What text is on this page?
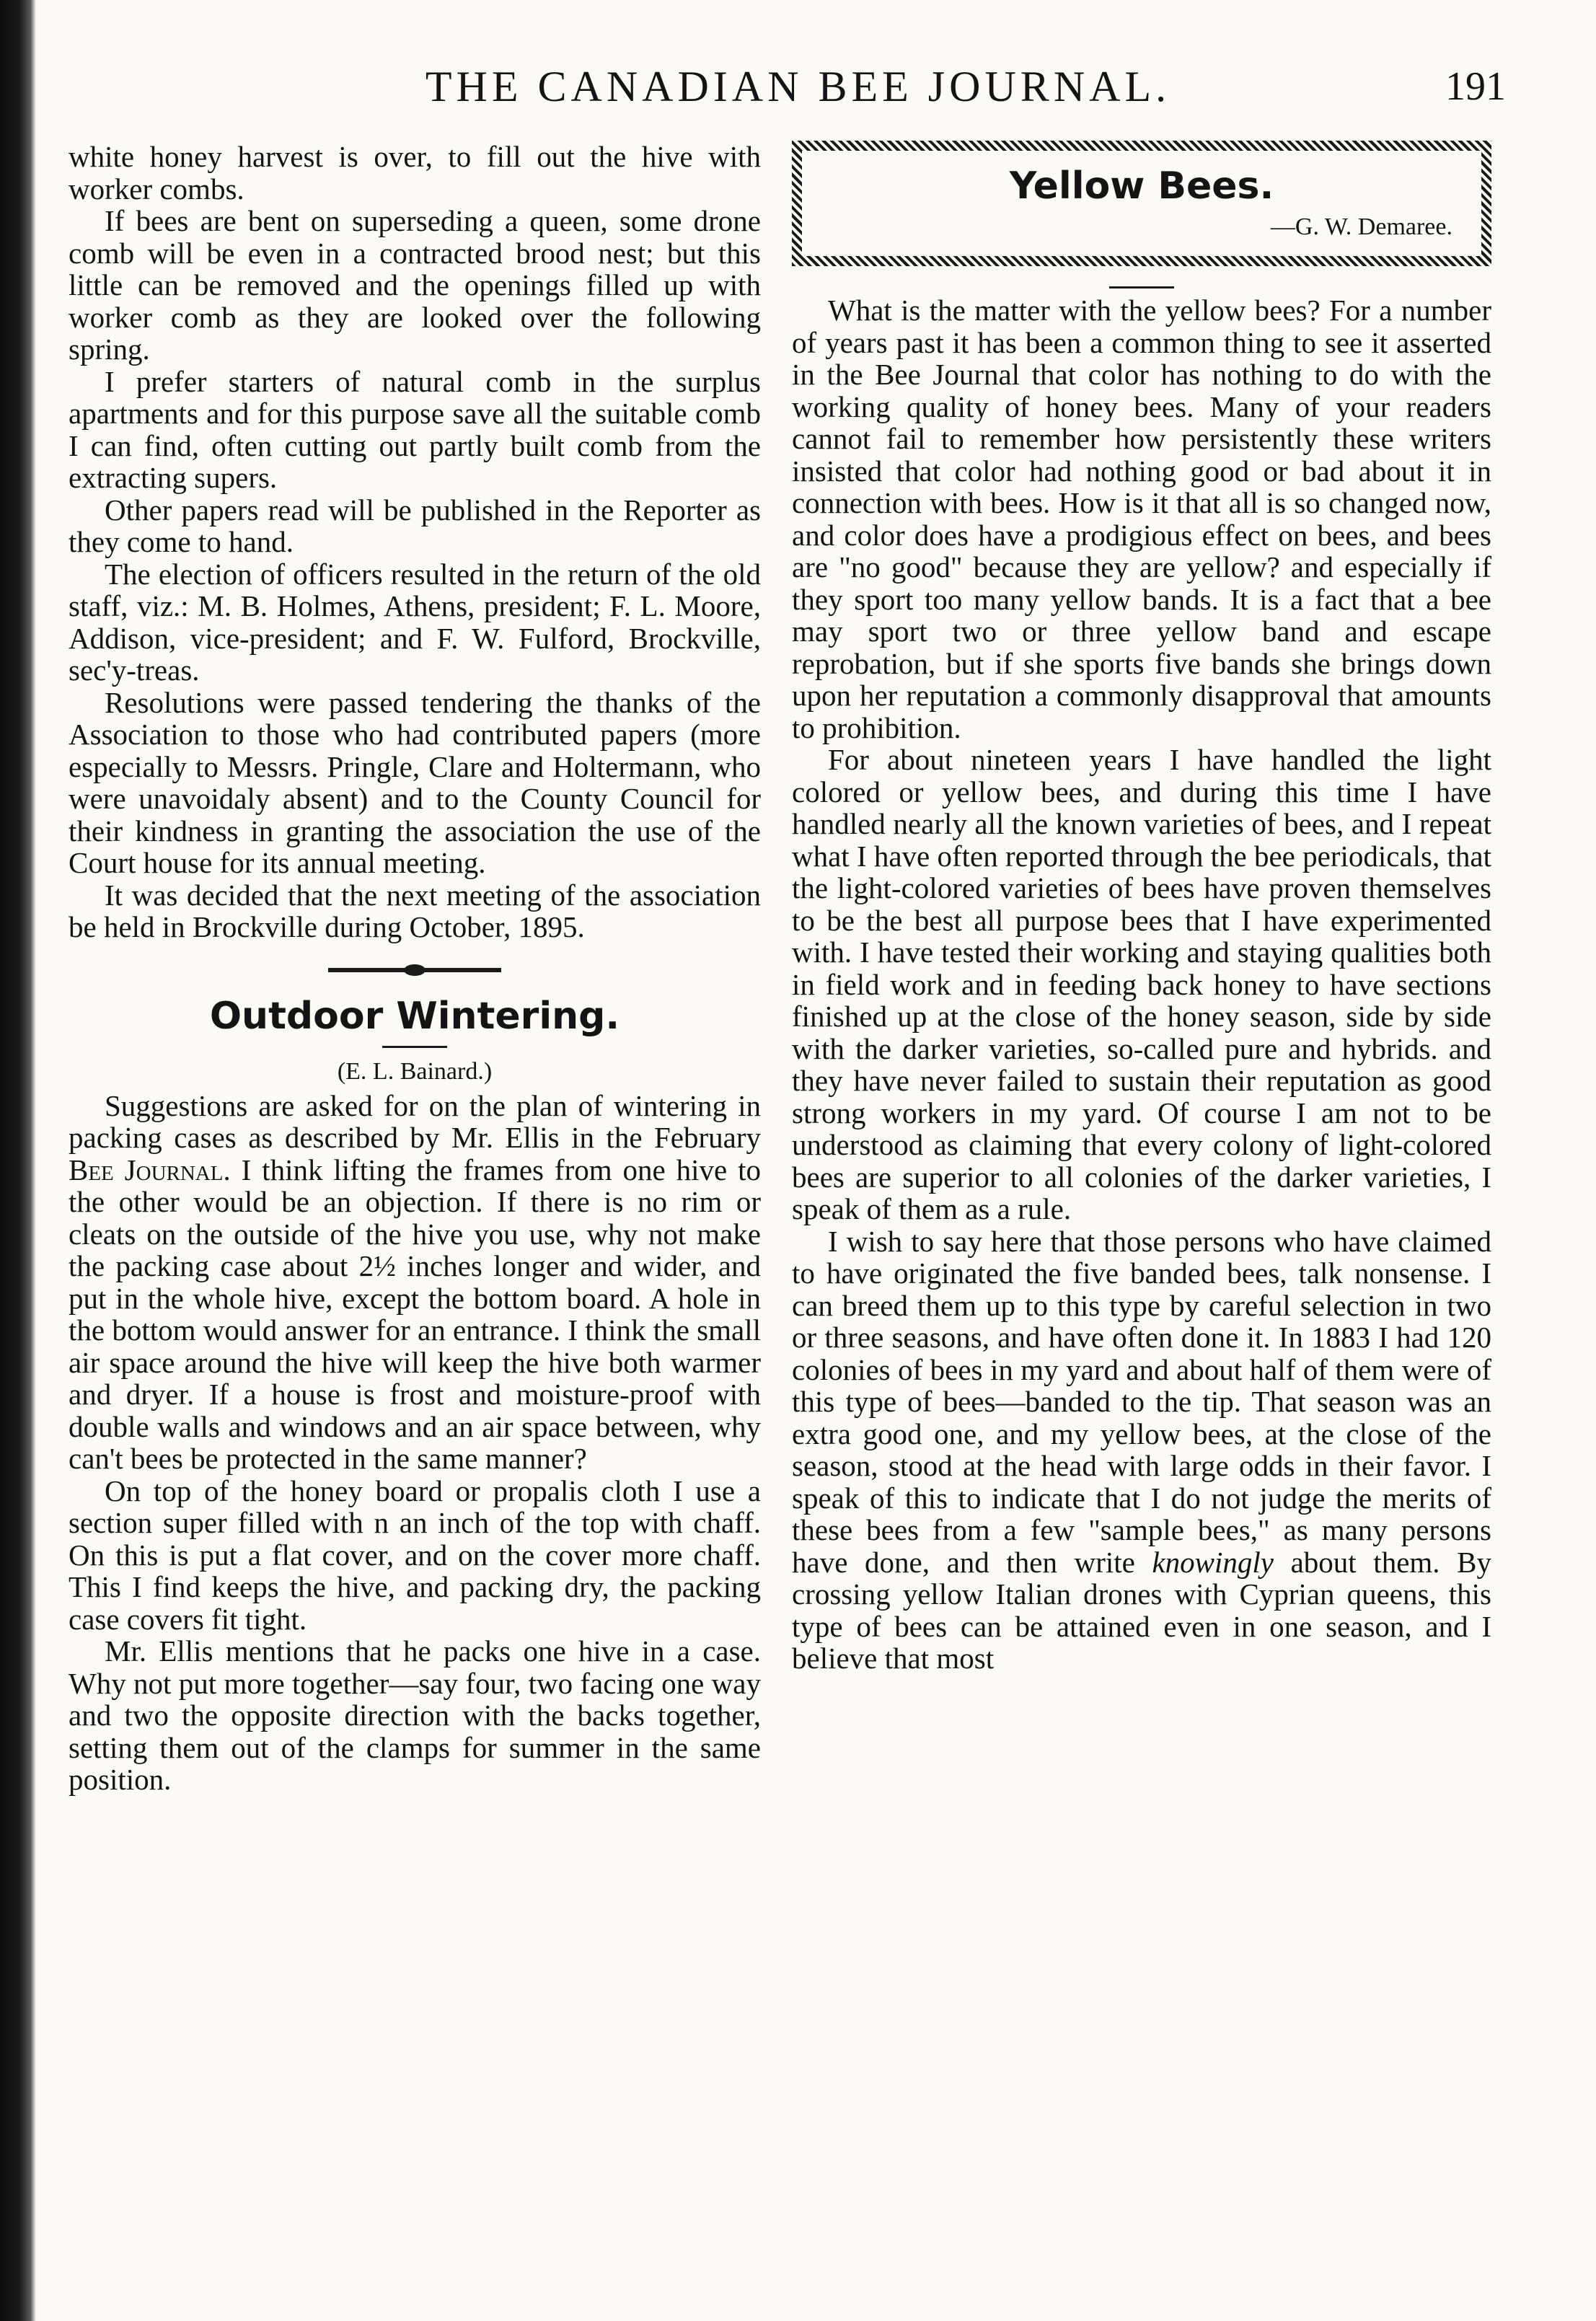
THE CANADIAN BEE JOURNAL.	191

white honey harvest is over, to fill out the hive with worker combs.

If bees are bent on superseding a queen, some drone comb will be even in a contracted brood nest; but this little can be removed and the openings filled up with worker comb as they are looked over the following spring.

I prefer starters of natural comb in the surplus apartments and for this purpose save all the suitable comb I can find, often cutting out partly built comb from the extracting supers.

Other papers read will be published in the Reporter as they come to hand.

The election of officers resulted in the return of the old staff, viz.: M. B. Holmes, Athens, president; F. L. Moore, Addison, vice-president; and F. W. Fulford, Brockville, sec'y-treas.

Resolutions were passed tendering the thanks of the Association to those who had contributed papers (more especially to Messrs. Pringle, Clare and Holtermann, who were unavoidaly absent) and to the County Council for their kindness in granting the association the use of the Court house for its annual meeting.

It was decided that the next meeting of the association be held in Brockville during October, 1895.

Outdoor Wintering.
(E. L. Bainard.)

Suggestions are asked for on the plan of wintering in packing cases as described by Mr. Ellis in the February Bee Journal. I think lifting the frames from one hive to the other would be an objection. If there is no rim or cleats on the outside of the hive you use, why not make the packing case about 2½ inches longer and wider, and put in the whole hive, except the bottom board. A hole in the bottom would answer for an entrance. I think the small air space around the hive will keep the hive both warmer and dryer. If a house is frost and moisture-proof with double walls and windows and an air space between, why can't bees be protected in the same manner?

On top of the honey board or propalis cloth I use a section super filled with n an inch of the top with chaff. On this is put a flat cover, and on the cover more chaff. This I find keeps the hive, and packing dry, the packing case covers fit tight.

Mr. Ellis mentions that he packs one hive in a case. Why not put more together—say four, two facing one way and two the opposite direction with the backs together, setting them out of the clamps for summer in the same position.

Yellow Bees.
—G. W. Demaree.

What is the matter with the yellow bees? For a number of years past it has been a common thing to see it asserted in the Bee Journal that color has nothing to do with the working quality of honey bees. Many of your readers cannot fail to remember how persistently these writers insisted that color had nothing good or bad about it in connection with bees. How is it that all is so changed now, and color does have a prodigious effect on bees, and bees are "no good" because they are yellow? and especially if they sport too many yellow bands. It is a fact that a bee may sport two or three yellow band and escape reprobation, but if she sports five bands she brings down upon her reputation a commonly disapproval that amounts to prohibition.

For about nineteen years I have handled the light colored or yellow bees, and during this time I have handled nearly all the known varieties of bees, and I repeat what I have often reported through the bee periodicals, that the light-colored varieties of bees have proven themselves to be the best all purpose bees that I have experimented with. I have tested their working and staying qualities both in field work and in feeding back honey to have sections finished up at the close of the honey season, side by side with the darker varieties, so-called pure and hybrids. and they have never failed to sustain their reputation as good strong workers in my yard. Of course I am not to be understood as claiming that every colony of light-colored bees are superior to all colonies of the darker varieties, I speak of them as a rule.

I wish to say here that those persons who have claimed to have originated the five banded bees, talk nonsense. I can breed them up to this type by careful selection in two or three seasons, and have often done it. In 1883 I had 120 colonies of bees in my yard and about half of them were of this type of bees—banded to the tip. That season was an extra good one, and my yellow bees, at the close of the season, stood at the head with large odds in their favor. I speak of this to indicate that I do not judge the merits of these bees from a few "sample bees," as many persons have done, and then write knowingly about them. By crossing yellow Italian drones with Cyprian queens, this type of bees can be attained even in one season, and I believe that most
